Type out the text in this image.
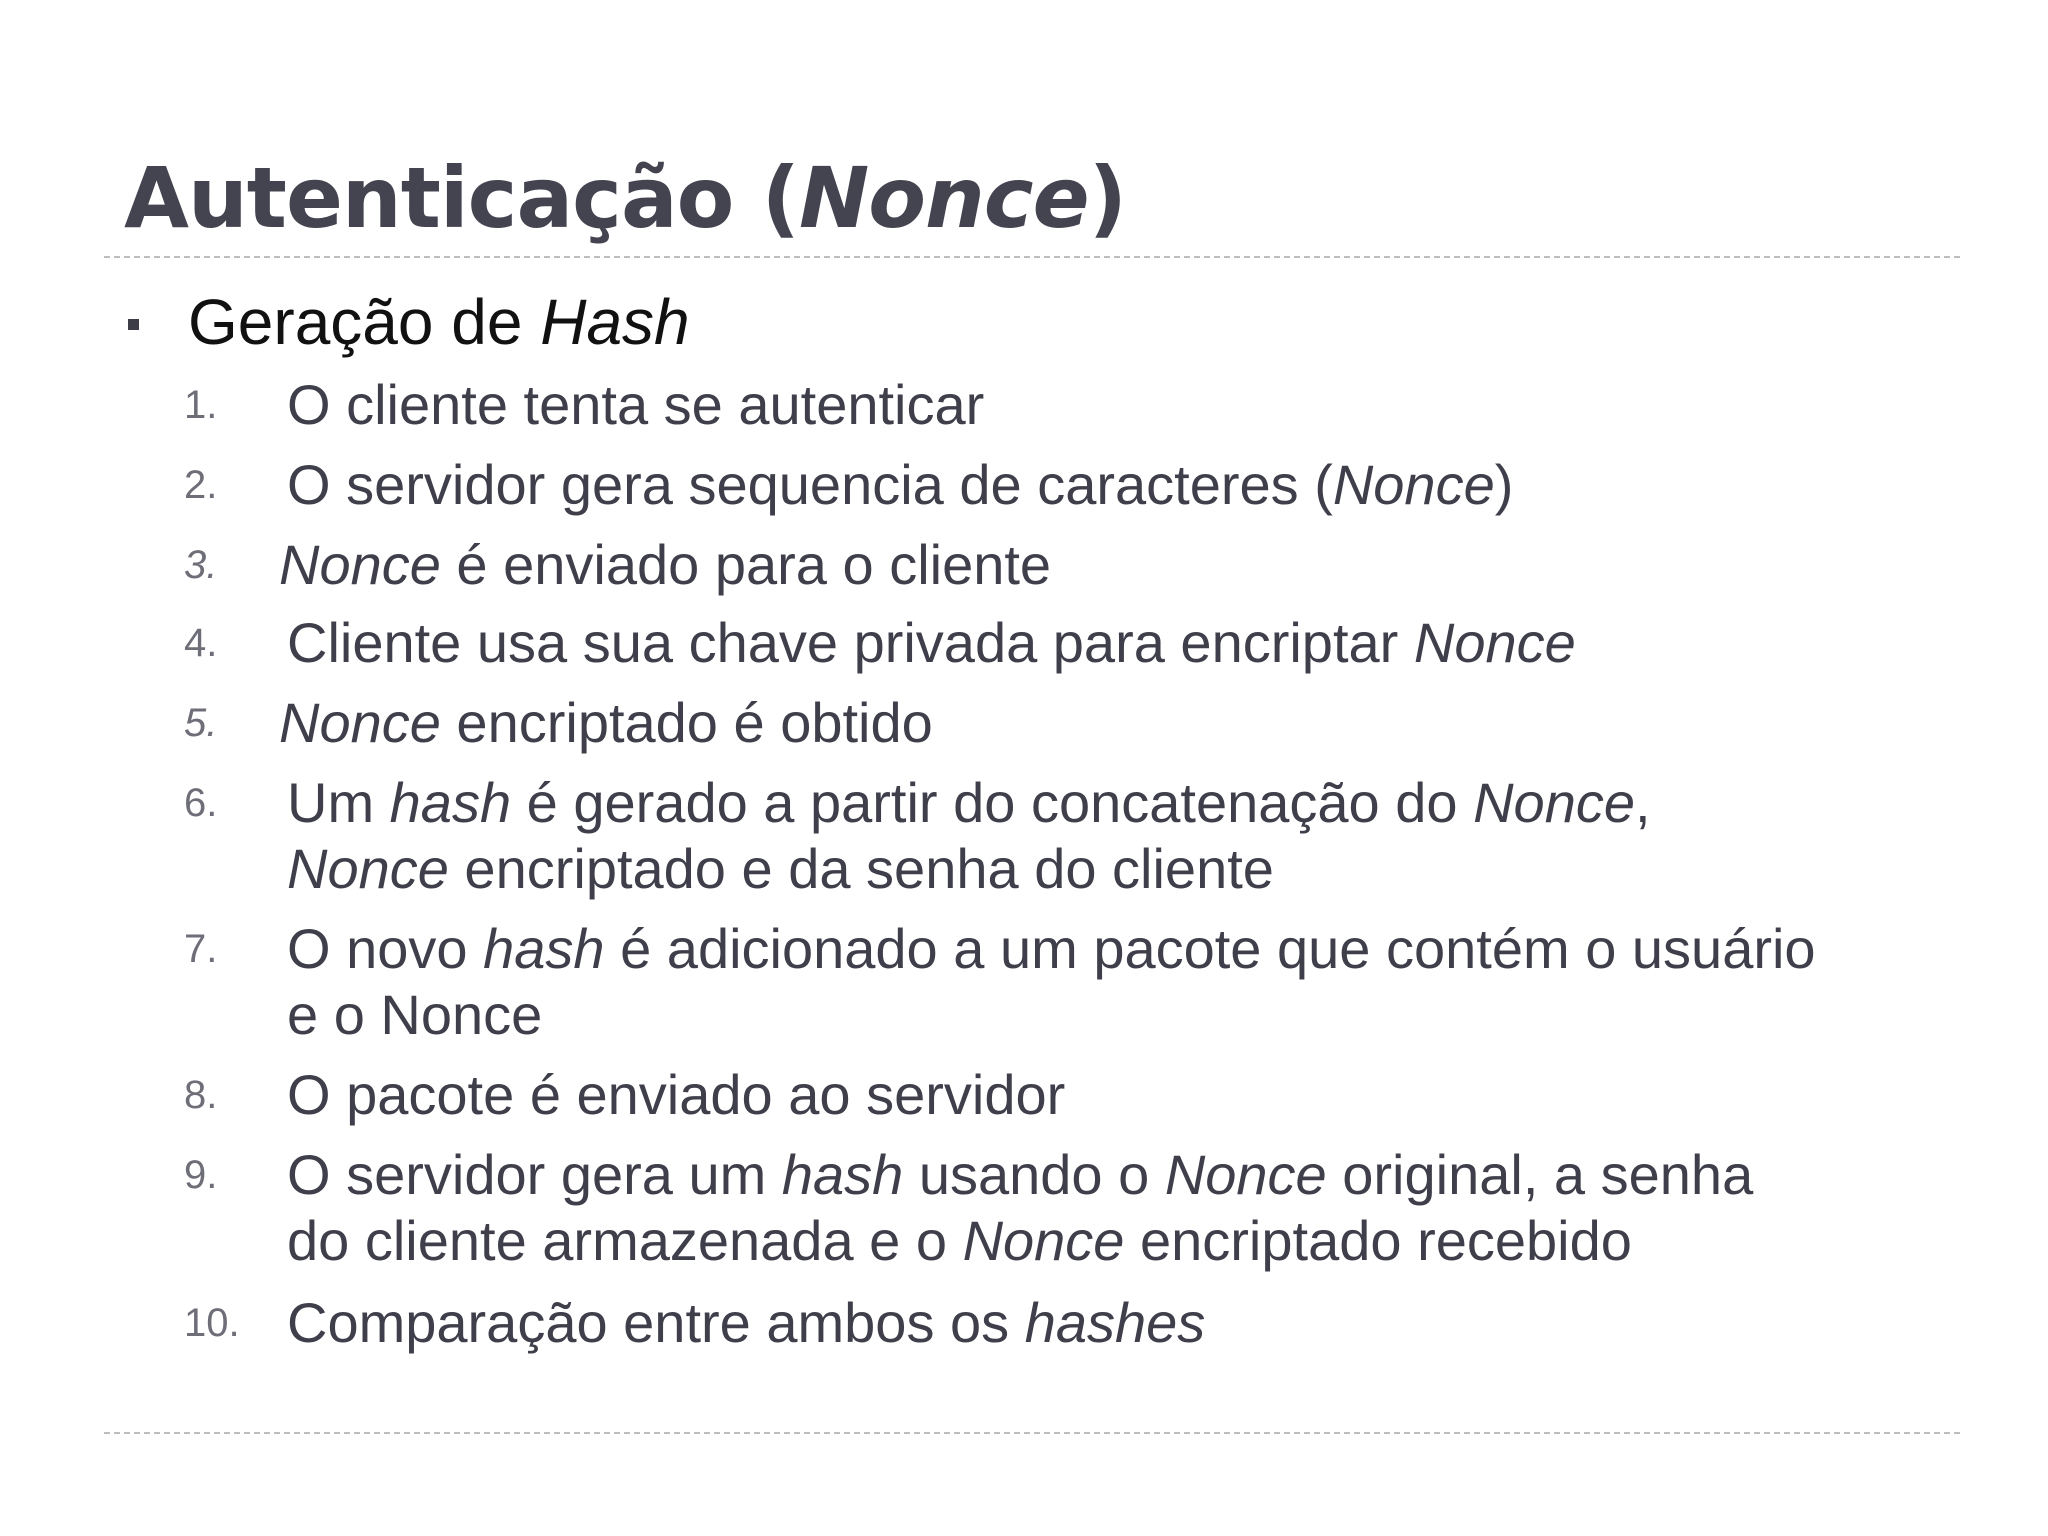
Autenticação (Nonce)
Geração de Hash
1. O cliente tenta se autenticar
2. O servidor gera sequencia de caracteres (Nonce)
3. Nonce é enviado para o cliente
4. Cliente usa sua chave privada para encriptar Nonce
5. Nonce encriptado é obtido
6. Um hash é gerado a partir do concatenação do Nonce,
Nonce encriptado e da senha do cliente
7. O novo hash é adicionado a um pacote que contém o usuário
e o Nonce
8. O pacote é enviado ao servidor
9. O servidor gera um hash usando o Nonce original, a senha
do cliente armazenada e o Nonce encriptado recebido
10. Comparação entre ambos os hashes
